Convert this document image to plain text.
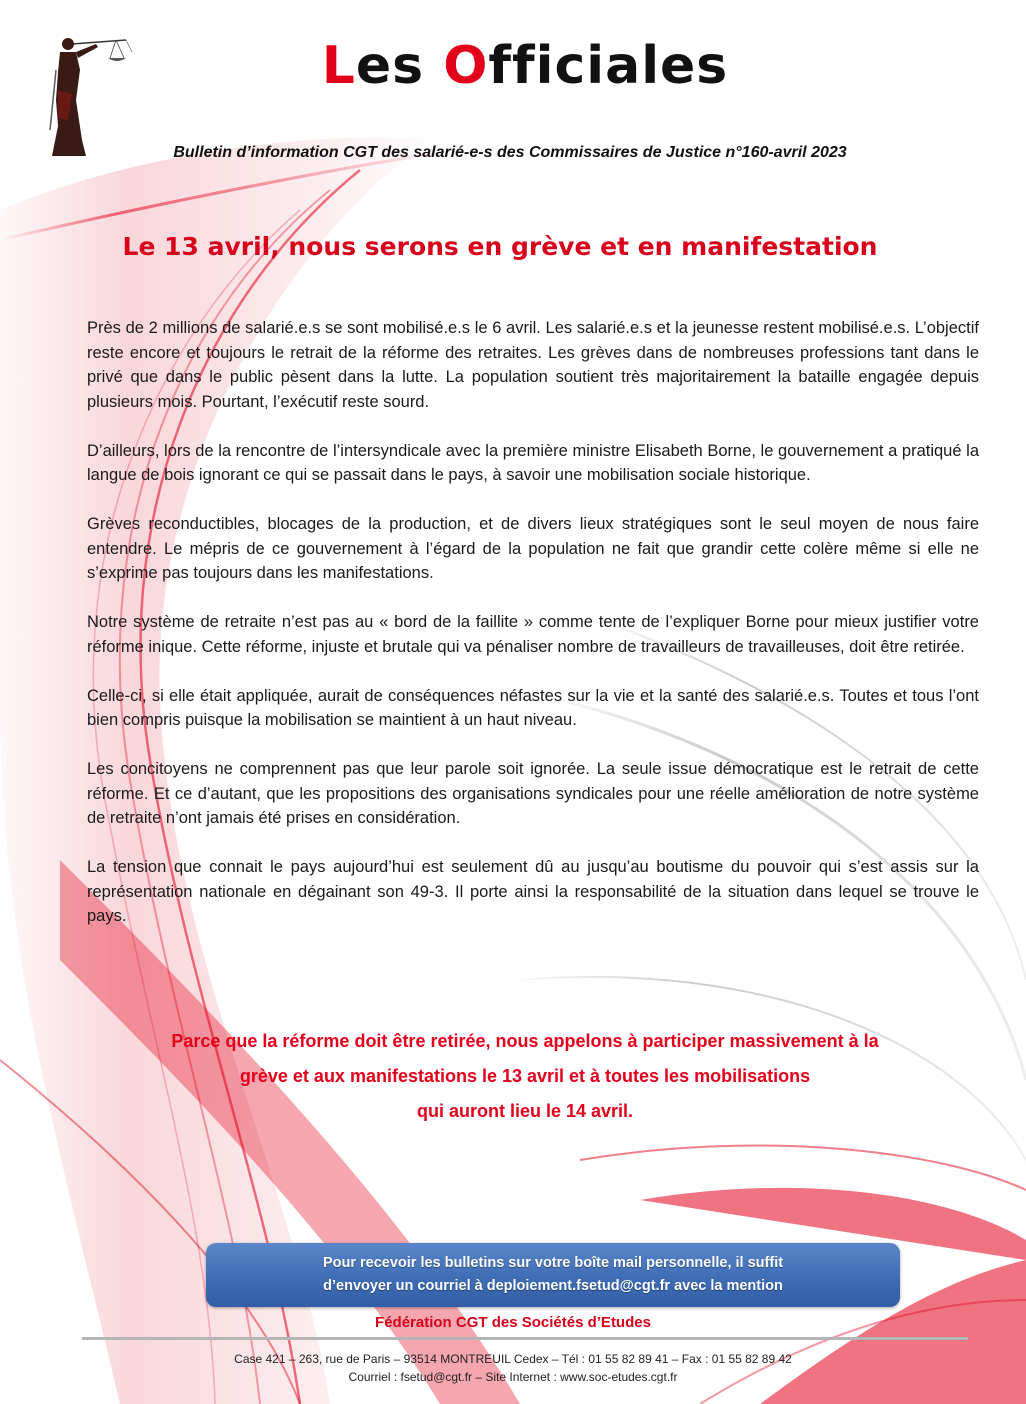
Les Officiales
Bulletin d’information CGT des salarié-e-s des Commissaires de Justice n°160-avril 2023
Le 13 avril, nous serons en grève et en manifestation

Près de 2 millions de salarié.e.s se sont mobilisé.e.s le 6 avril. Les salarié.e.s et la jeunesse restent mobilisé.e.s. L’objectif reste encore et toujours le retrait de la réforme des retraites. Les grèves dans de nombreuses professions tant dans le privé que dans le public pèsent dans la lutte. La population soutient très majoritairement la bataille engagée depuis plusieurs mois. Pourtant, l’exécutif reste sourd.

D’ailleurs, lors de la rencontre de l’intersyndicale avec la première ministre Elisabeth Borne, le gouvernement a pratiqué la langue de bois ignorant ce qui se passait dans le pays, à savoir une mobilisation sociale historique.

Grèves reconductibles, blocages de la production, et de divers lieux stratégiques sont le seul moyen de nous faire entendre. Le mépris de ce gouvernement à l’égard de la population ne fait que grandir cette colère même si elle ne s’exprime pas toujours dans les manifestations.

Notre système de retraite n’est pas au « bord de la faillite » comme tente de l’expliquer Borne pour mieux justifier votre réforme inique. Cette réforme, injuste et brutale qui va pénaliser nombre de travailleurs de travailleuses, doit être retirée.

Celle-ci, si elle était appliquée, aurait de conséquences néfastes sur la vie et la santé des salarié.e.s. Toutes et tous l’ont bien compris puisque la mobilisation se maintient à un haut niveau.

Les concitoyens ne comprennent pas que leur parole soit ignorée. La seule issue démocratique est le retrait de cette réforme. Et ce d’autant, que les propositions des organisations syndicales pour une réelle amélioration de notre système de retraite n’ont jamais été prises en considération.

La tension que connait le pays aujourd’hui est seulement dû au jusqu’au boutisme du pouvoir qui s’est assis sur la représentation nationale en dégainant son 49-3. Il porte ainsi la responsabilité de la situation dans lequel se trouve le pays.

Parce que la réforme doit être retirée, nous appelons à participer massivement à la
grève et aux manifestations le 13 avril et à toutes les mobilisations
qui auront lieu le 14 avril.
Pour recevoir les bulletins sur votre boîte mail personnelle, il suffit
d’envoyer un courriel à deploiement.fsetud@cgt.fr avec la mention
Fédération CGT des Sociétés d’Etudes
Case 421 – 263, rue de Paris – 93514 MONTREUIL Cedex – Tél : 01 55 82 89 41 – Fax : 01 55 82 89 42
Courriel : fsetud@cgt.fr – Site Internet : www.soc-etudes.cgt.fr
